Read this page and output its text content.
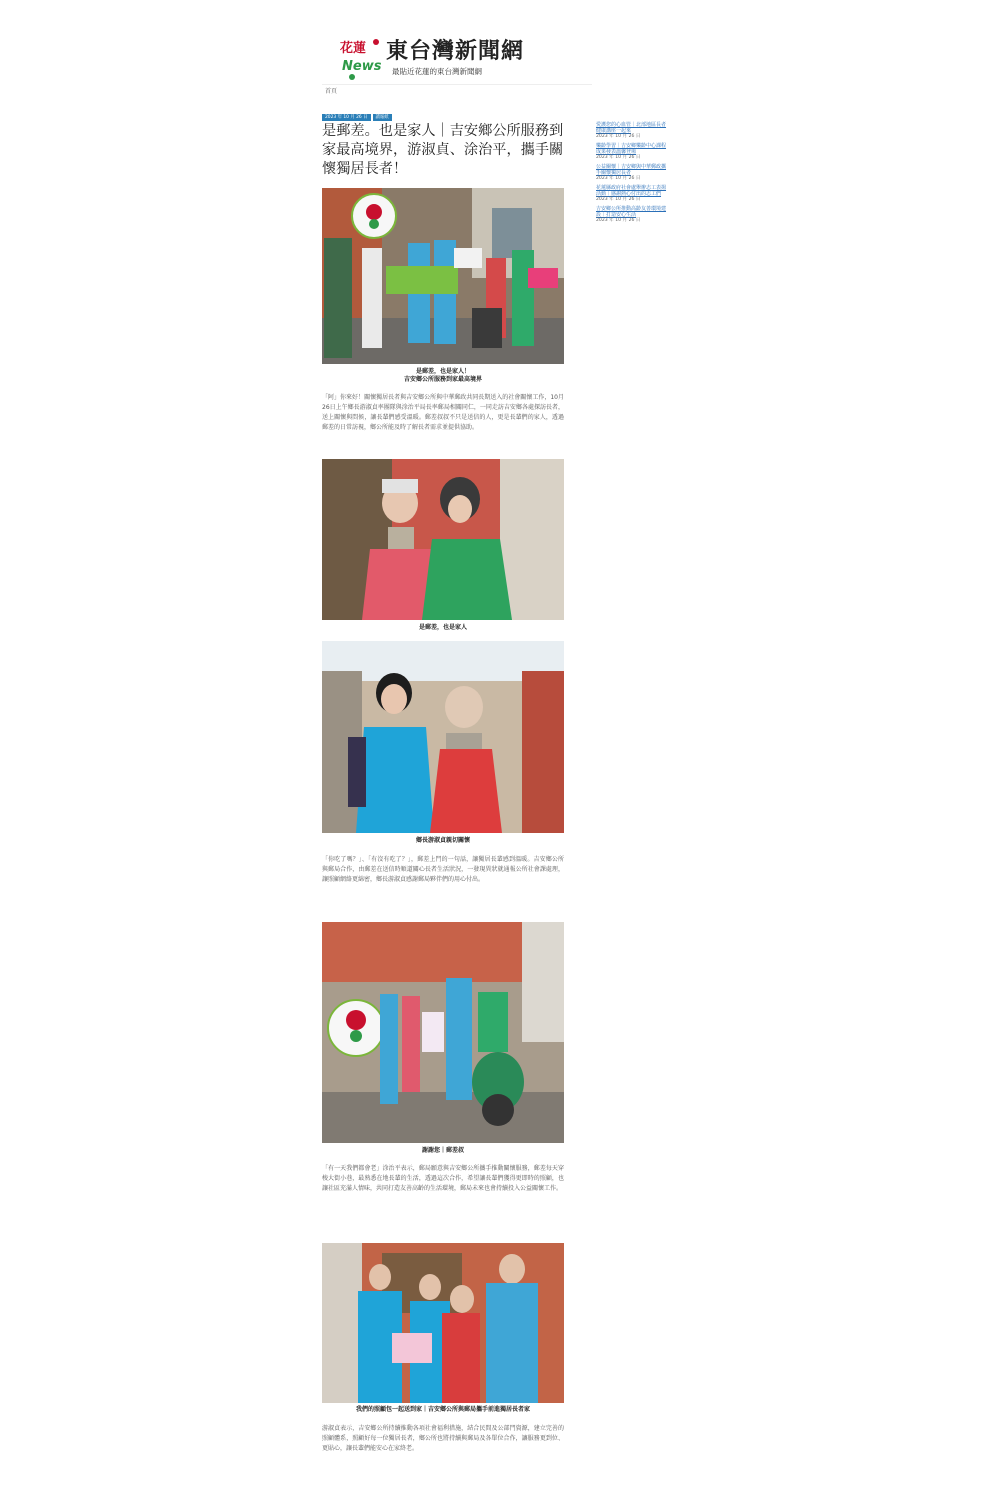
花蓮
News
東台灣新聞網
最貼近花蓮的東台灣新聞網
首頁
2023 年 10 月 26 日	讀報紙
是郵差。也是家人｜吉安鄉公所服務到家最高境界，游淑貞、涂治平，攜手關懷獨居長者！
是郵差，也是家人！
吉安鄉公所服務到家最高境界

「阿」你來好！關懷獨居長者與吉安鄉公所與中華郵政共同長期送入的社會關懷工作，10月26日上午鄉長游淑貞率團隊與涂治平局長率郵局相關同仁，一同走訪吉安鄉各處探訪長者，送上關懷與問候，讓長輩們感受溫暖。郵差叔叔不只是送信的人，更是長輩們的家人，透過郵差的日常訪視，鄉公所能及時了解長者需求並提供協助。

是郵差，也是家人
鄉長游淑貞親切關懷

「你吃了嗎？」、「有沒有吃了？」，郵差上門的一句話，讓獨居長輩感到溫暖。吉安鄉公所與郵局合作，由郵差在送信時順道關心長者生活狀況，一發現異狀就通報公所社會課處理，讓照顧網絡更綿密，鄉長游淑貞感謝郵局夥伴們的用心付出。

謝謝您｜郵差叔

「有一天我們都會老」涂治平表示，郵局願意與吉安鄉公所攜手推動關懷服務，郵差每天穿梭大街小巷，最熟悉在地長輩的生活，透過這次合作，希望讓長輩們獲得更即時的照顧，也讓社區充滿人情味，共同打造友善高齡的生活環境，郵局未來也會持續投入公益關懷工作。

我們的照顧包一起送到家｜吉安鄉公所與郵局攜手前進獨居長者家

游淑貞表示，吉安鄉公所持續推動各項社會福利措施，結合民間及公部門資源，建立完善的照顧體系，照顧好每一位獨居長者，鄉公所也將持續與郵局及各單位合作，讓服務更到位、更貼心，讓長輩們能安心在家終老。

愛護您的心血管｜北部地區長者健康講座一起來
2023 年 10 月 26 日
樂齡學習｜吉安鄉樂齡中心課程成果發表溫馨登場
2023 年 10 月 26 日
公益關懷｜吉安鄉與中華郵政攜手關懷獨居長者
2023 年 10 月 26 日
花蓮縣政府社會處舉辦志工表揚活動｜感謝熱心付出的志工們
2023 年 10 月 26 日
吉安鄉公所推動高齡友善環境建設｜打造安心生活
2023 年 10 月 26 日
